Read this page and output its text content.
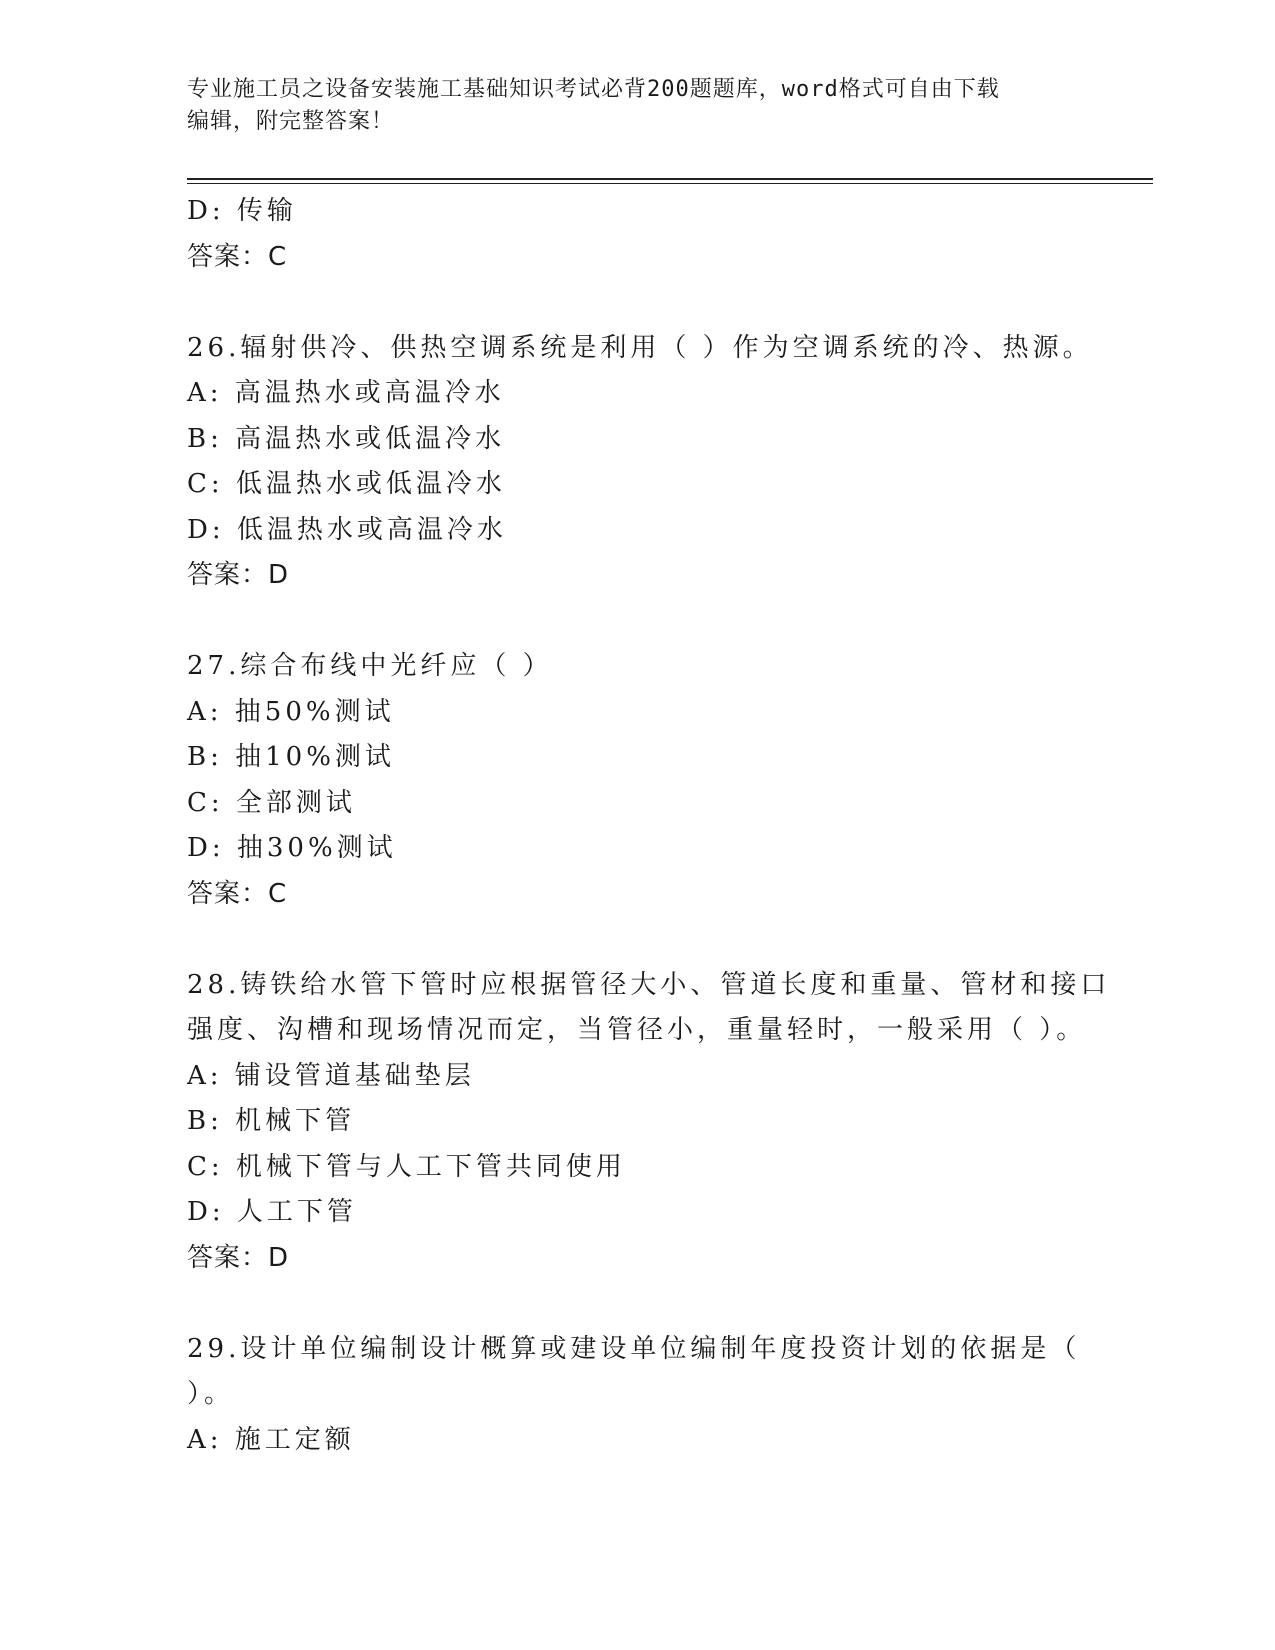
专业施工员之设备安装施工基础知识考试必背200题题库，word格式可自由下载
编辑，附完整答案！
D: 传输
答案：C
26.辐射供冷、供热空调系统是利用（ ）作为空调系统的冷、热源。
A: 高温热水或高温冷水
B: 高温热水或低温冷水
C: 低温热水或低温冷水
D: 低温热水或高温冷水
答案：D
27.综合布线中光纤应（ ）
A: 抽50%测试
B: 抽10%测试
C: 全部测试
D: 抽30%测试
答案：C
28.铸铁给水管下管时应根据管径大小、管道长度和重量、管材和接口
强度、沟槽和现场情况而定，当管径小，重量轻时，一般采用（ ）。
A: 铺设管道基础垫层
B: 机械下管
C: 机械下管与人工下管共同使用
D: 人工下管
答案：D
29.设计单位编制设计概算或建设单位编制年度投资计划的依据是（
）。
A: 施工定额
